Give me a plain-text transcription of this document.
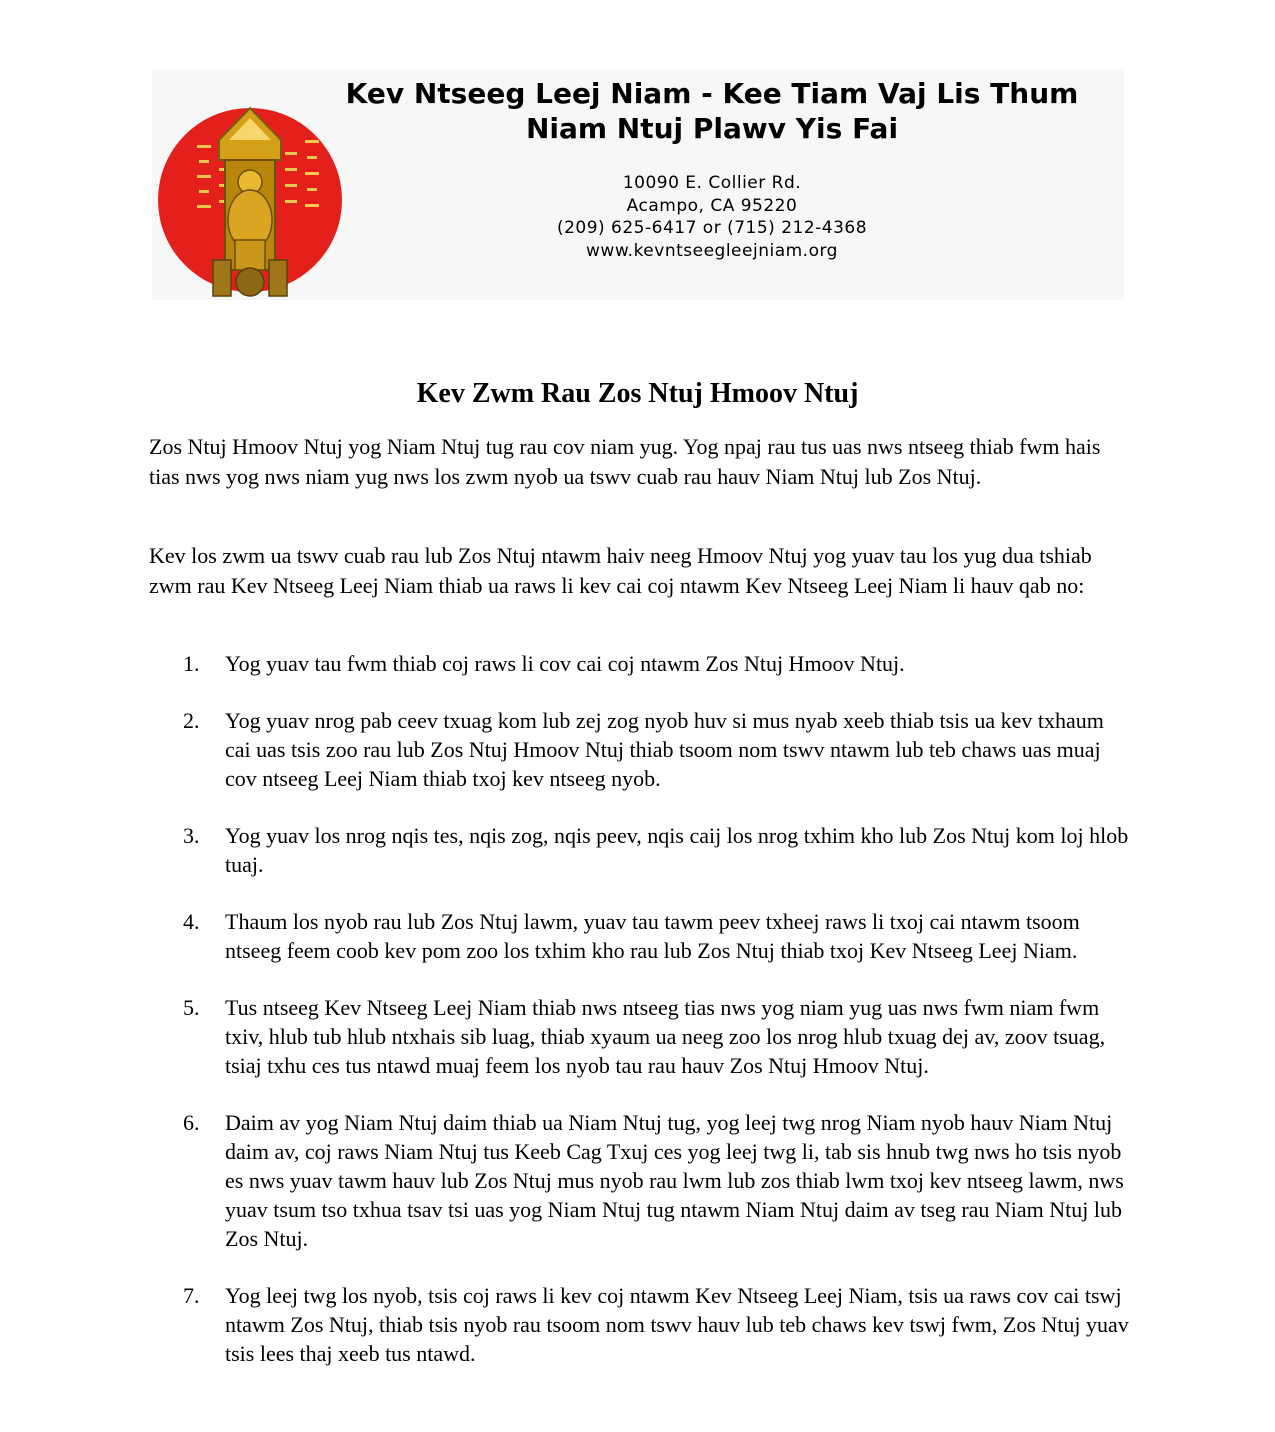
Kev Ntseeg Leej Niam - Kee Tiam Vaj Lis Thum
Niam Ntuj Plawv Yis Fai
10090 E. Collier Rd.
Acampo, CA 95220
(209) 625-6417 or (715) 212-4368
www.kevntseegleejniam.org
Kev Zwm Rau Zos Ntuj Hmoov Ntuj
Zos Ntuj Hmoov Ntuj yog Niam Ntuj tug rau cov niam yug. Yog npaj rau tus uas nws ntseeg thiab fwm hais tias nws yog nws niam yug nws los zwm nyob ua tswv cuab rau hauv Niam Ntuj lub Zos Ntuj.
Kev los zwm ua tswv cuab rau lub Zos Ntuj ntawm haiv neeg Hmoov Ntuj yog yuav tau los yug dua tshiab zwm rau Kev Ntseeg Leej Niam thiab ua raws li kev cai coj ntawm Kev Ntseeg Leej Niam li hauv qab no:
1. Yog yuav tau fwm thiab coj raws li cov cai coj ntawm Zos Ntuj Hmoov Ntuj.
2. Yog yuav nrog pab ceev txuag kom lub zej zog nyob huv si mus nyab xeeb thiab tsis ua kev txhaum cai uas tsis zoo rau lub Zos Ntuj Hmoov Ntuj thiab tsoom nom tswv ntawm lub teb chaws uas muaj cov ntseeg Leej Niam thiab txoj kev ntseeg nyob.
3. Yog yuav los nrog nqis tes, nqis zog, nqis peev, nqis caij los nrog txhim kho lub Zos Ntuj kom loj hlob tuaj.
4. Thaum los nyob rau lub Zos Ntuj lawm, yuav tau tawm peev txheej raws li txoj cai ntawm tsoom ntseeg feem coob kev pom zoo los txhim kho rau lub Zos Ntuj thiab txoj Kev Ntseeg Leej Niam.
5. Tus ntseeg Kev Ntseeg Leej Niam thiab nws ntseeg tias nws yog niam yug uas nws fwm niam fwm txiv, hlub tub hlub ntxhais sib luag, thiab xyaum ua neeg zoo los nrog hlub txuag dej av, zoov tsuag, tsiaj txhu ces tus ntawd muaj feem los nyob tau rau hauv Zos Ntuj Hmoov Ntuj.
6. Daim av yog Niam Ntuj daim thiab ua Niam Ntuj tug, yog leej twg nrog Niam nyob hauv Niam Ntuj daim av, coj raws Niam Ntuj tus Keeb Cag Txuj ces yog leej twg li, tab sis hnub twg nws ho tsis nyob es nws yuav tawm hauv lub Zos Ntuj mus nyob rau lwm lub zos thiab lwm txoj kev ntseeg lawm, nws yuav tsum tso txhua tsav tsi uas yog Niam Ntuj tug ntawm Niam Ntuj daim av tseg rau Niam Ntuj lub Zos Ntuj.
7. Yog leej twg los nyob, tsis coj raws li kev coj ntawm Kev Ntseeg Leej Niam, tsis ua raws cov cai tswj ntawm Zos Ntuj, thiab tsis nyob rau tsoom nom tswv hauv lub teb chaws kev tswj fwm, Zos Ntuj yuav tsis lees thaj xeeb tus ntawd.
